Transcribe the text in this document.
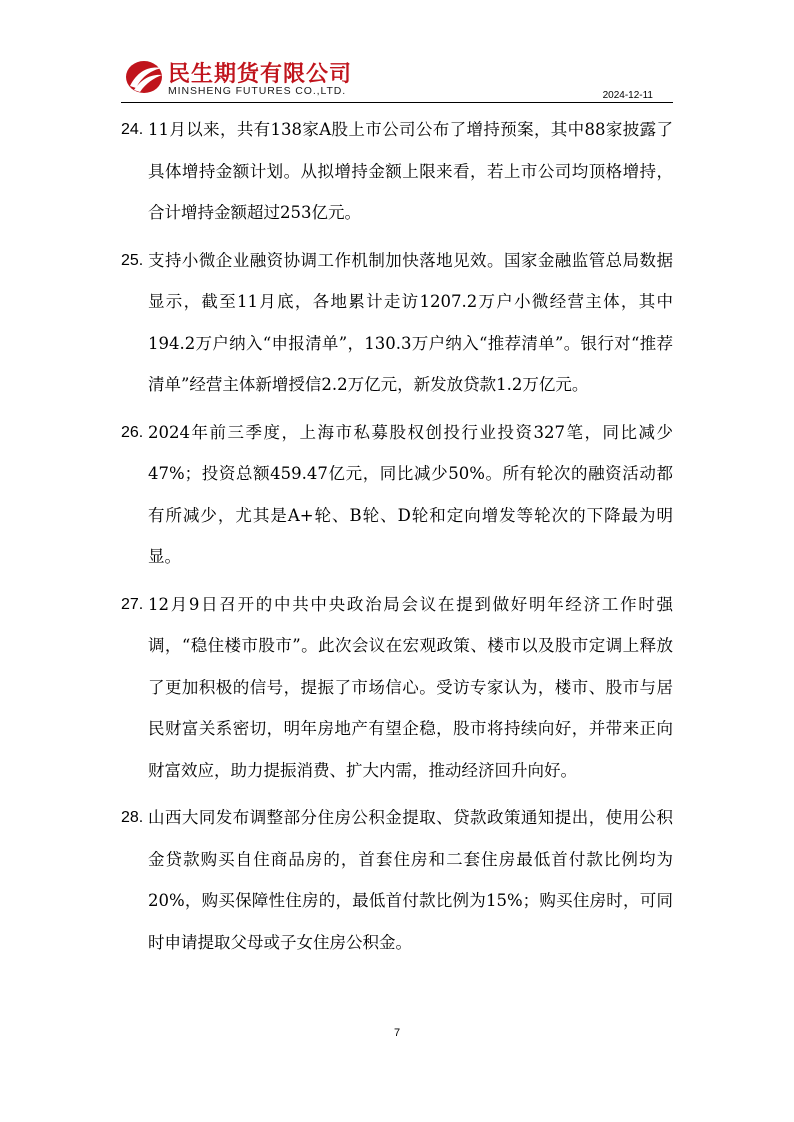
民生期货有限公司
MINSHENG FUTURES CO.,LTD.	2024-12-11
24. 11月以来，共有138家A股上市公司公布了增持预案，其中88家披露了具体增持金额计划。从拟增持金额上限来看，若上市公司均顶格增持，合计增持金额超过253亿元。
25. 支持小微企业融资协调工作机制加快落地见效。国家金融监管总局数据显示，截至11月底，各地累计走访1207.2万户小微经营主体，其中194.2万户纳入“申报清单”，130.3万户纳入“推荐清单”。银行对“推荐清单”经营主体新增授信2.2万亿元，新发放贷款1.2万亿元。
26. 2024年前三季度，上海市私募股权创投行业投资327笔，同比减少47%；投资总额459.47亿元，同比减少50%。所有轮次的融资活动都有所减少，尤其是A+轮、B轮、D轮和定向增发等轮次的下降最为明显。
27. 12月9日召开的中共中央政治局会议在提到做好明年经济工作时强调，“稳住楼市股市”。此次会议在宏观政策、楼市以及股市定调上释放了更加积极的信号，提振了市场信心。受访专家认为，楼市、股市与居民财富关系密切，明年房地产有望企稳，股市将持续向好，并带来正向财富效应，助力提振消费、扩大内需，推动经济回升向好。
28. 山西大同发布调整部分住房公积金提取、贷款政策通知提出，使用公积金贷款购买自住商品房的，首套住房和二套住房最低首付款比例均为20%，购买保障性住房的，最低首付款比例为15%；购买住房时，可同时申请提取父母或子女住房公积金。
7
